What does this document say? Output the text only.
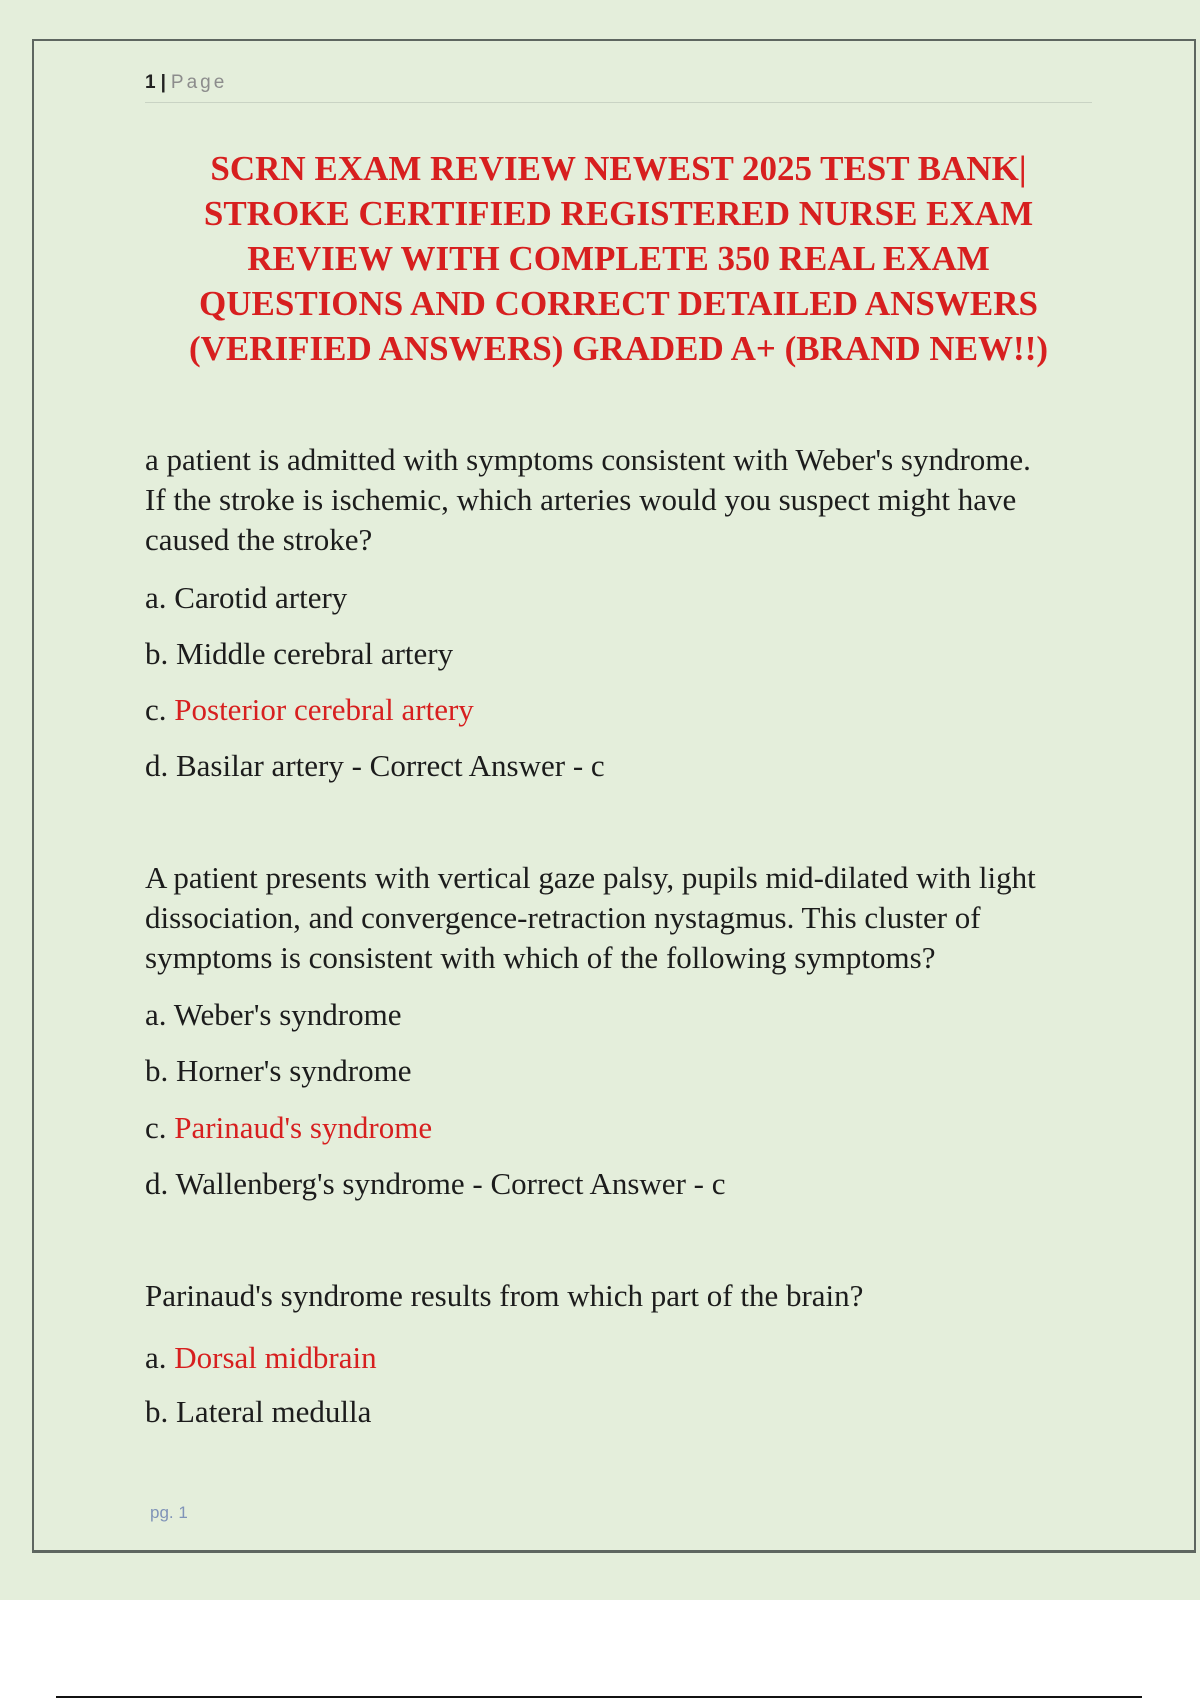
1 | Page
SCRN EXAM REVIEW NEWEST 2025 TEST BANK|
STROKE CERTIFIED REGISTERED NURSE EXAM
REVIEW WITH COMPLETE 350 REAL EXAM
QUESTIONS AND CORRECT DETAILED ANSWERS
(VERIFIED ANSWERS) GRADED A+ (BRAND NEW!!)
a patient is admitted with symptoms consistent with Weber's syndrome.
If the stroke is ischemic, which arteries would you suspect might have
caused the stroke?
a. Carotid artery
b. Middle cerebral artery
c. Posterior cerebral artery
d. Basilar artery - Correct Answer - c
A patient presents with vertical gaze palsy, pupils mid-dilated with light
dissociation, and convergence-retraction nystagmus. This cluster of
symptoms is consistent with which of the following symptoms?
a. Weber's syndrome
b. Horner's syndrome
c. Parinaud's syndrome
d. Wallenberg's syndrome - Correct Answer - c
Parinaud's syndrome results from which part of the brain?
a. Dorsal midbrain
b. Lateral medulla
pg. 1
